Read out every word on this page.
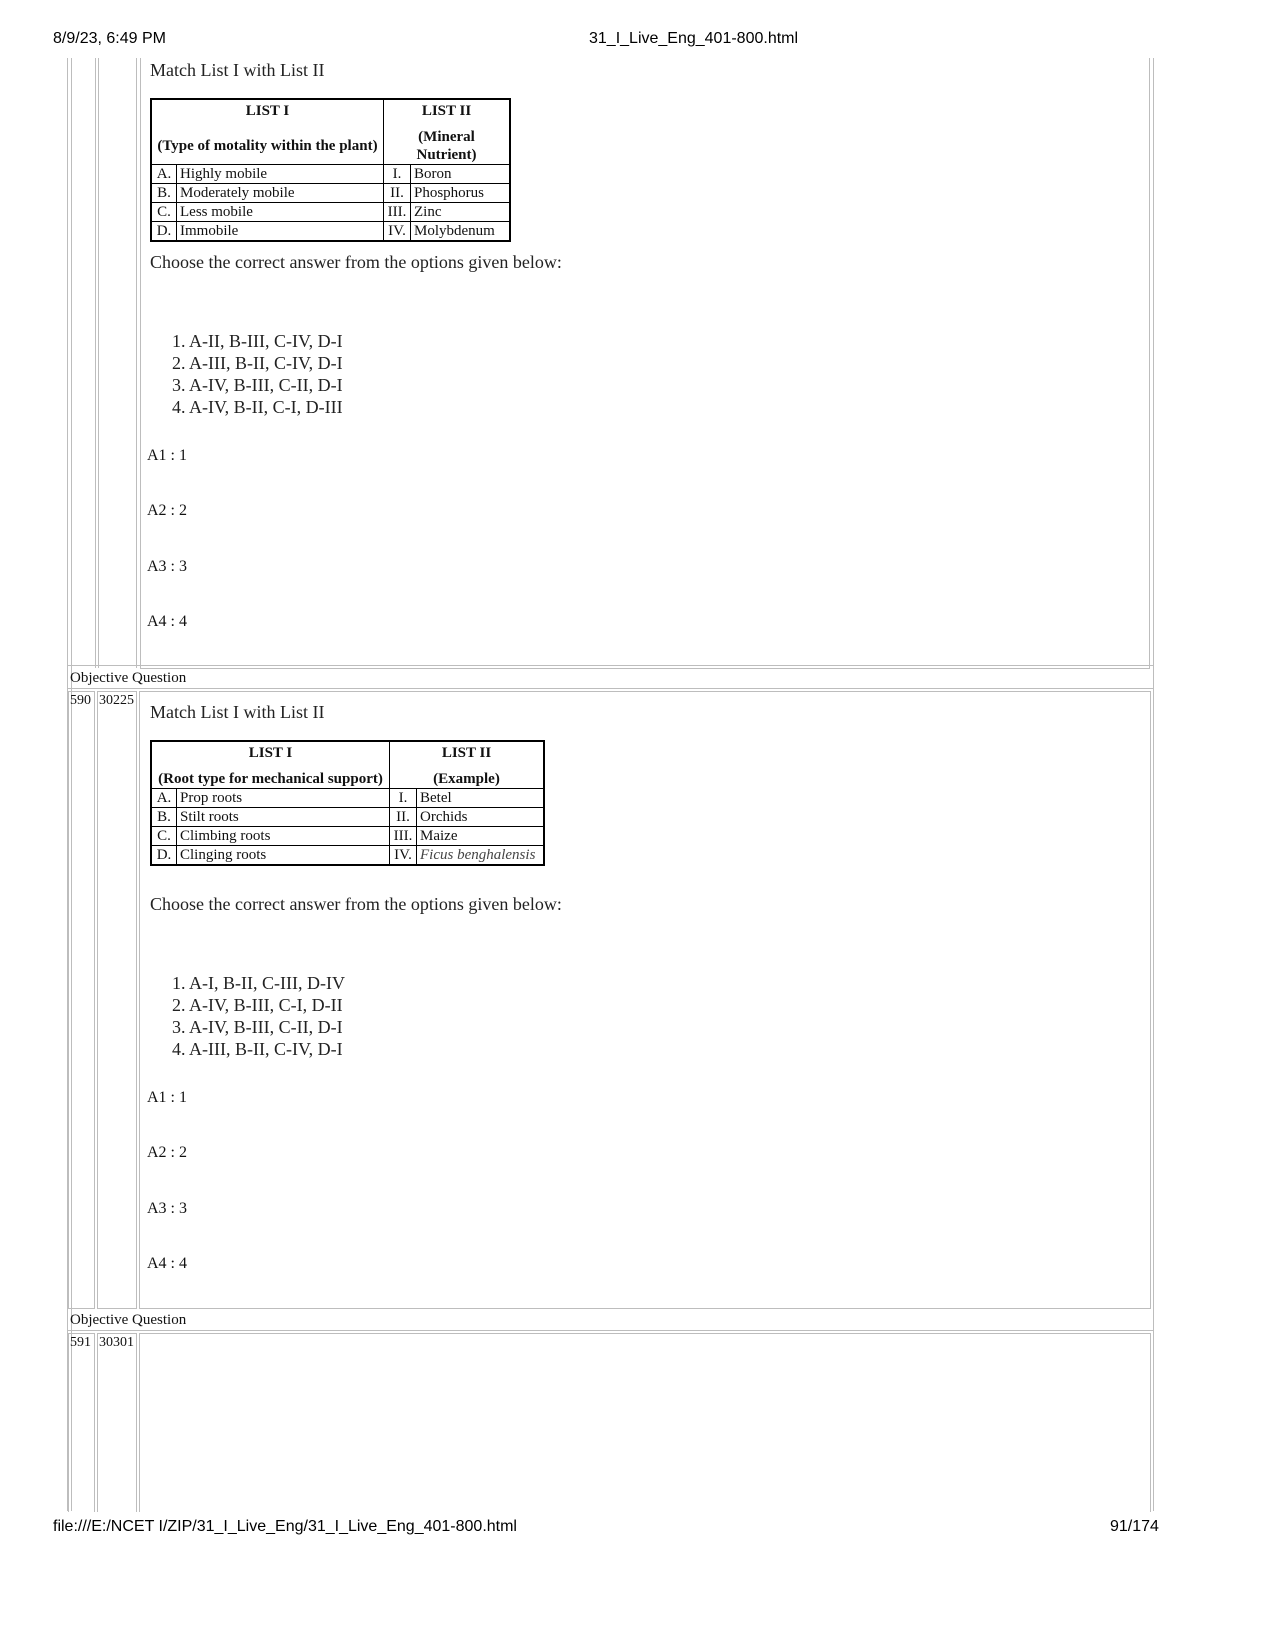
8/9/23, 6:49 PM	31_I_Live_Eng_401-800.html
Match List I with List II
LIST I		LIST II	
(Type of motality within the plant)		(Mineral Nutrient)	
A.	Highly mobile	I.	Boron
B.	Moderately mobile	II.	Phosphorus
C.	Less mobile	III.	Zinc
D.	Immobile	IV.	Molybdenum
Choose the correct answer from the options given below:
1. A-II, B-III, C-IV, D-I
2. A-III, B-II, C-IV, D-I
3. A-IV, B-III, C-II, D-I
4. A-IV, B-II, C-I, D-III
A1 : 1
A2 : 2
A3 : 3
A4 : 4
Objective Question
590 30225
Match List I with List II
LIST I		LIST II	
(Root type for mechanical support)		(Example)	
A.	Prop roots	I.	Betel
B.	Stilt roots	II.	Orchids
C.	Climbing roots	III.	Maize
D.	Clinging roots	IV.	Ficus benghalensis
Choose the correct answer from the options given below:
1. A-I, B-II, C-III, D-IV
2. A-IV, B-III, C-I, D-II
3. A-IV, B-III, C-II, D-I
4. A-III, B-II, C-IV, D-I
A1 : 1
A2 : 2
A3 : 3
A4 : 4
Objective Question
591 30301
file:///E:/NCET I/ZIP/31_I_Live_Eng/31_I_Live_Eng_401-800.html	91/174
